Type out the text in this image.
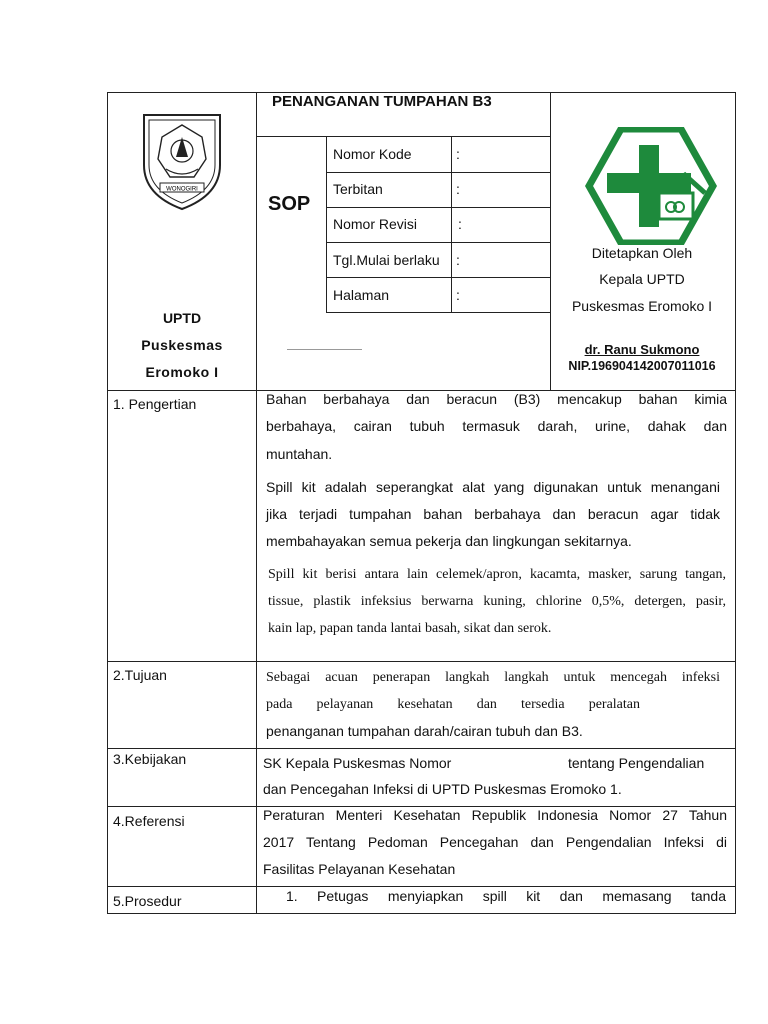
WONOGIRI
PENANGANAN TUMPAHAN B3
SOP
UPTD
Puskesmas
Eromoko I
Nomor Kode	:
Terbitan	:
Nomor Revisi	:
Tgl.Mulai berlaku :
Halaman	:
Ditetapkan Oleh
Kepala UPTD
Puskesmas Eromoko I
dr. Ranu Sukmono
NIP.196904142007011016
1. Pengertian	Bahan berbahaya dan beracun (B3) mencakup bahan kimia
berbahaya, cairan tubuh termasuk darah, urine, dahak dan
muntahan.
Spill kit adalah seperangkat alat yang digunakan untuk menangani
jika terjadi tumpahan bahan berbahaya dan beracun agar tidak
membahayakan semua pekerja dan lingkungan sekitarnya.
Spill kit berisi antara lain celemek/apron, kacamta, masker, sarung tangan,
tissue, plastik infeksius berwarna kuning, chlorine 0,5%, detergen, pasir,
kain lap, papan tanda lantai basah, sikat dan serok.
2.Tujuan	Sebagai acuan penerapan langkah langkah untuk mencegah infeksi
pada pelayanan kesehatan dan tersedia peralatan
penanganan tumpahan darah/cairan tubuh dan B3.
3.Kebijakan	SK Kepala Puskesmas Nomor	tentang Pengendalian
dan Pencegahan Infeksi di UPTD Puskesmas Eromoko 1.
4.Referensi	Peraturan Menteri Kesehatan Republik Indonesia Nomor 27 Tahun
2017 Tentang Pedoman Pencegahan dan Pengendalian Infeksi di
Fasilitas Pelayanan Kesehatan
5.Prosedur	1. Petugas menyiapkan spill kit dan memasang tanda
